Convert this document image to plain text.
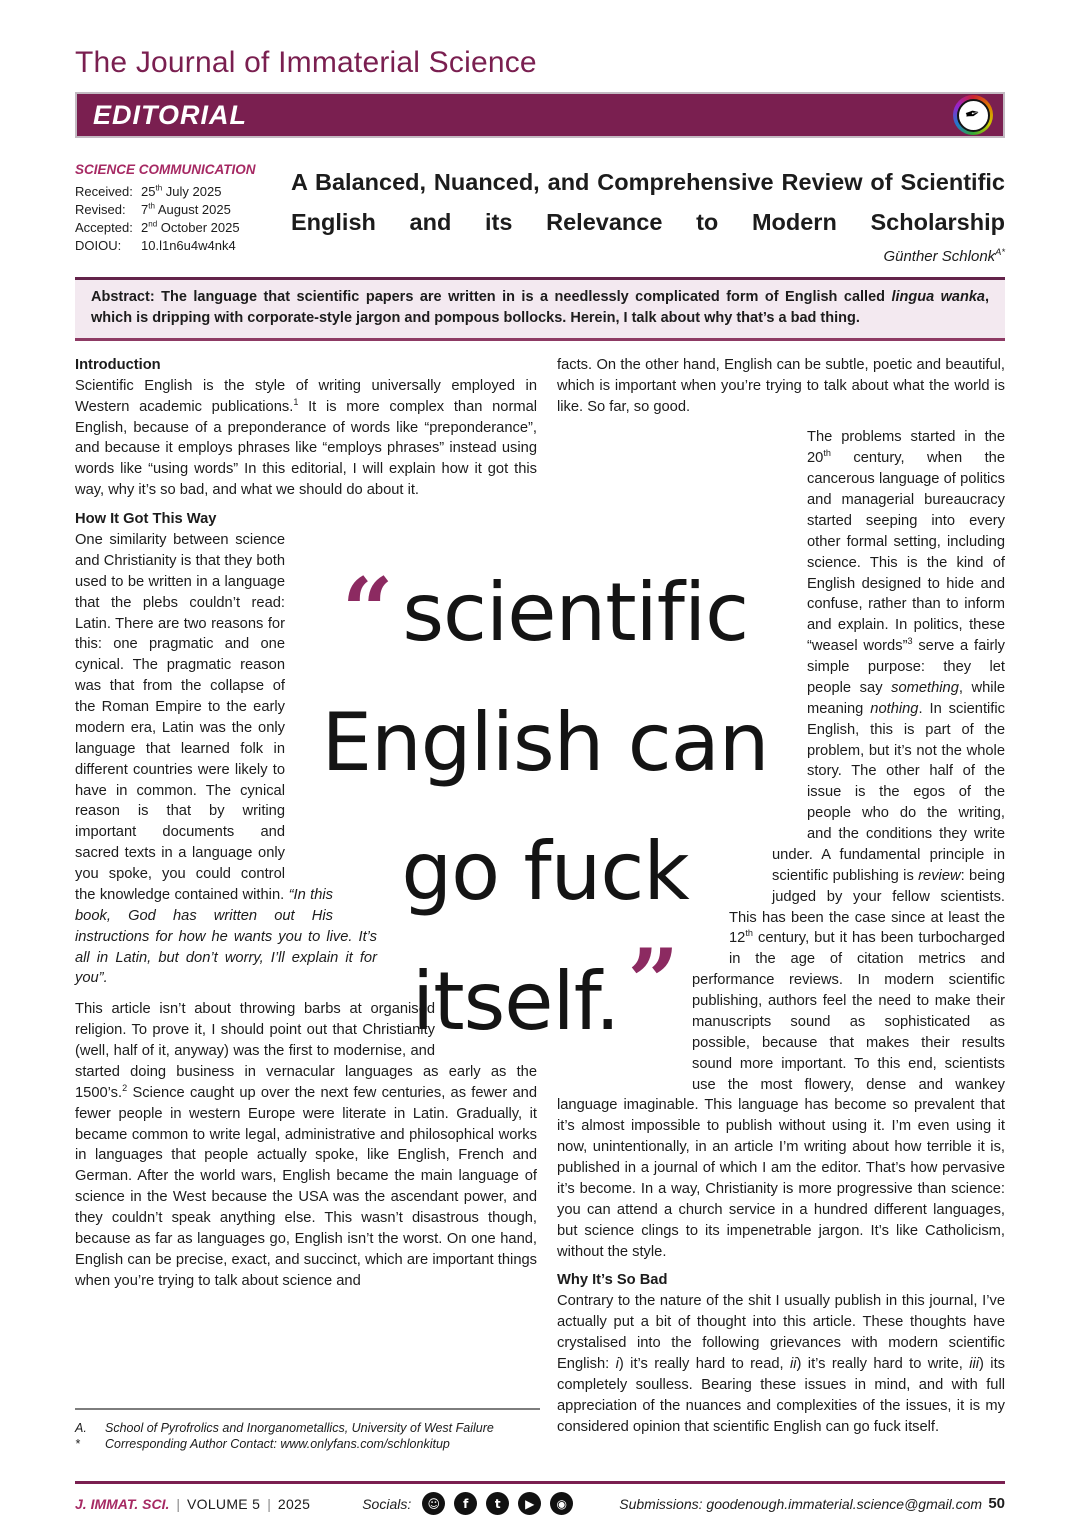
The Journal of Immaterial Science
EDITORIAL	✒
SCIENCE COMMUNICATION
Received: 25th July 2025
Revised:	7th August 2025
Accepted: 2nd October 2025
DOIOU:	10.l1n6u4w4nk4
A Balanced, Nuanced, and Comprehensive Review of Scientific English and its Relevance to Modern Scholarship
Günther Schlonk$^{A*}$
Abstract: The language that scientific papers are written in is a needlessly complicated form of English called lingua wanka, which is dripping with corporate-style jargon and pompous bollocks. Herein, I talk about why that’s a bad thing.
Introduction

Scientific English is the style of writing universally employed in Western academic publications.$^1$ It is more complex than normal English, because of a preponderance of words like “preponderance”, and because it employs phrases like “employs phrases” instead using words like “using words” In this editorial, I will explain how it got this way, why it’s so bad, and what we should do about it.

How It Got This Way

One similarity between science and Christianity is that they both used to be written in a language that the plebs couldn’t read: Latin. There are two reasons for this: one pragmatic and one cynical. The pragmatic reason was that from the collapse of the Roman Empire to the early modern era, Latin was the only language that learned folk in different countries were likely to have in common. The cynical reason is that by writing important documents and sacred texts in a language only you spoke, you could control the knowledge contained within. “In this book, God has written out His instructions for how he wants you to live. It’s all in Latin, but don’t worry, I’ll explain it for you”.

This article isn’t about throwing barbs at organised religion. To prove it, I should point out that Christianity (well, half of it, anyway) was the first to modernise, and started doing business in vernacular languages as early as the 1500’s.$^2$ Science caught up over the next few centuries, as fewer and fewer people in western Europe were literate in Latin. Gradually, it became common to write legal, administrative and philosophical works in languages that people actually spoke, like English, French and German. After the world wars, English became the main language of science in the West because the USA was the ascendant power, and they couldn’t speak anything else. This wasn’t disastrous though, because as far as languages go, English isn’t the worst. On one hand, English can be precise, exact, and succinct, which are important things when you’re trying to talk about science and

facts. On the other hand, English can be subtle, poetic and beautiful, which is important when you’re trying to talk about what the world is like. So far, so good.

The problems started in the 20th century, when the cancerous language of politics and managerial bureaucracy started seeping into every other formal setting, including science. This is the kind of English designed to hide and confuse, rather than to inform and explain. In politics, these “weasel words”$^3$ serve a fairly simple purpose: they let people say something, while meaning nothing. In scientific English, this is part of the problem, but it’s not the whole story. The other half of the issue is the egos of the people who do the writing, and the conditions they write under. A fundamental principle in scientific publishing is review: being judged by your fellow scientists. This has been the case since at least the 12th century, but it has been turbocharged in the age of citation metrics and performance reviews. In modern scientific publishing, authors feel the need to make their manuscripts sound as sophisticated as possible, because that makes their results sound more important. To this end, scientists use the most flowery, dense and wankey language imaginable. This language has become so prevalent that it’s almost impossible to publish without using it. I’m even using it now, unintentionally, in an article I’m writing about how terrible it is, published in a journal of which I am the editor. That’s how pervasive it’s become. In a way, Christianity is more progressive than science: you can attend a church service in a hundred different languages, but science clings to its impenetrable jargon. It’s like Catholicism, without the style.

Why It’s So Bad

Contrary to the nature of the shit I usually publish in this journal, I’ve actually put a bit of thought into this article. These thoughts have crystalised into the following grievances with modern scientific English: i) it’s really hard to read, ii) it’s really hard to write, iii) its completely soulless. Bearing these issues in mind, and with full appreciation of the nuances and complexities of the issues, it is my considered opinion that scientific English can go fuck itself.

“ scientific
English can
go fuck
itself.”
A.	School of Pyrofrolics and Inorganometallics, University of West Failure
*	Corresponding Author Contact: www.onlyfans.com/schlonkitup
J. IMMAT. SCI. | VOLUME 5 | 2025	Socials:	☺	f	t	▶	◉	Submissions: goodenough.immaterial.science@gmail.com 50
